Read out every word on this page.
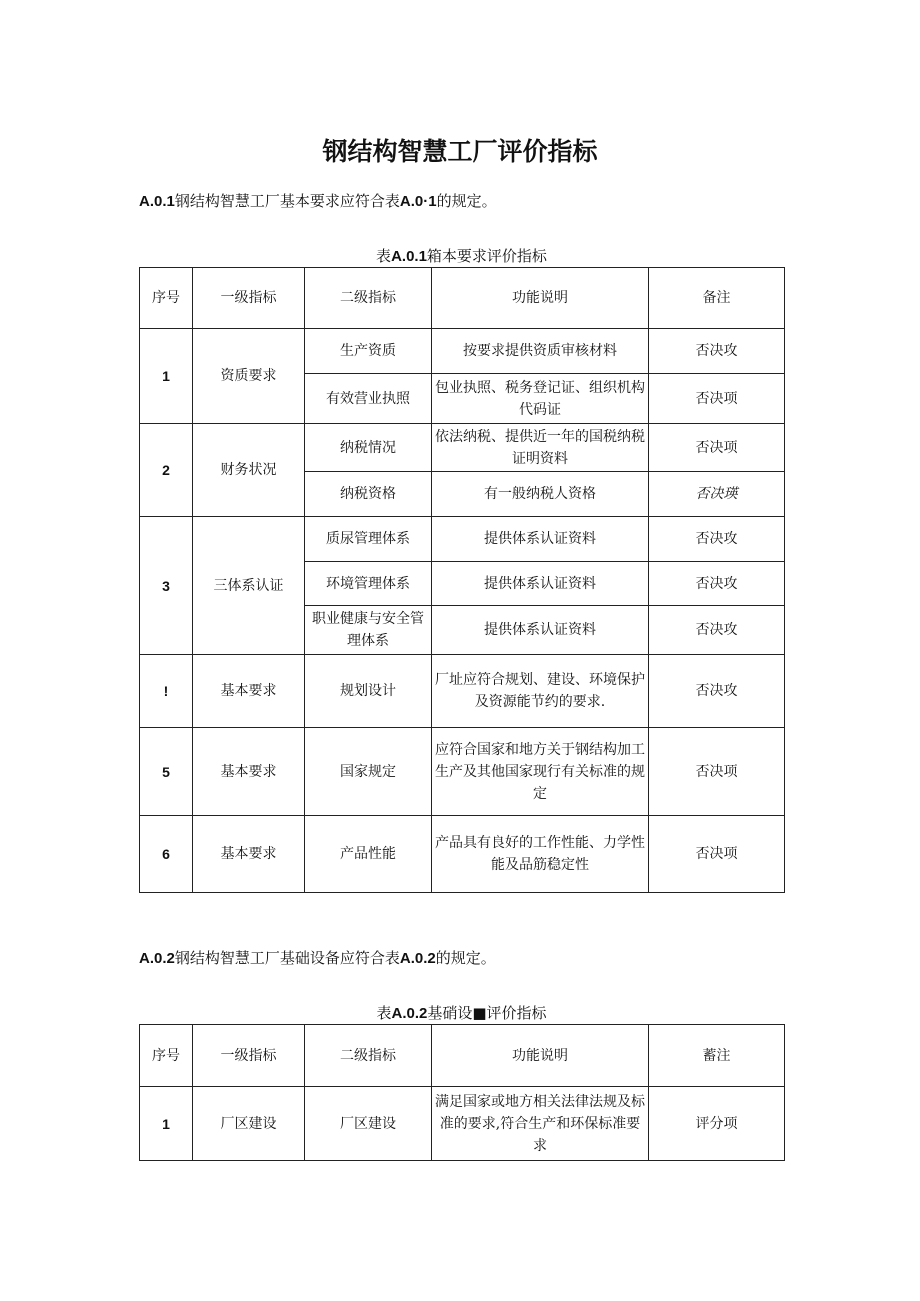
钢结构智慧工厂评价指标
A.0.1钢结构智慧工厂基本要求应符合表A.0·1的规定。
表A.0.1箱本要求评价指标
序号	一级指标	二级指标	功能说明	备注
1	资质要求	生产资质	按要求提供资质审核材料	否决攻
		有效营业执照	包业执照、税务登记证、组织机构代码证	否决项
2	财务状况	纳税情况	依法纳税、提供近一年的国税纳税证明资料	否决项
		纳税资格	有一般纳税人资格	否决瑛
3	三体系认证	质尿管理体系	提供体系认证资料	否决攻
		环境管理体系	提供体系认证资料	否决攻
		职业健康与安全管理体系	提供体系认证资料	否决攻
!	基本要求	规划设计	厂址应符合规划、建设、环境保护及资源能节约的要求.	否决攻
5	基本要求	国家规定	应符合国家和地方关于钢结构加工生产及其他国家现行有关标准的规定	否决项
6	基本要求	产品性能	产品具有良好的工作性能、力学性能及品筋稳定性	否决项
A.0.2钢结构智慧工厂基础设备应符合表A.0.2的规定。
表A.0.2基硝设■评价指标
序号	一级指标	二级指标	功能说明	蓄注
1	厂区建设	厂区建设	满足国家或地方相关法律法规及标准的要求,符合生产和环保标准要求	评分项
